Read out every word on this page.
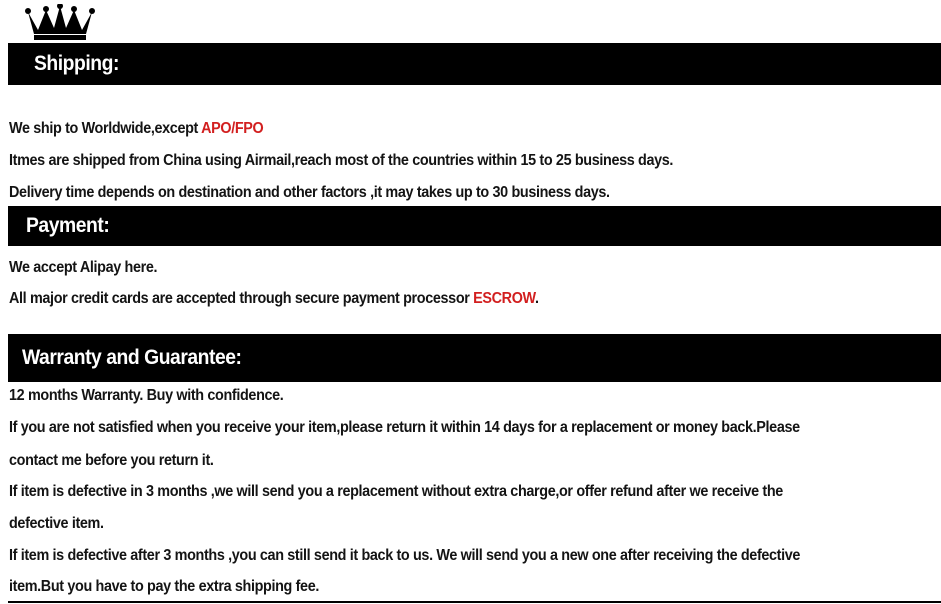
Shipping:
We ship to Worldwide,except APO/FPO
Itmes are shipped from China using Airmail,reach most of the countries within 15 to 25 business days.
Delivery time depends on destination and other factors ,it may takes up to 30 business days.
Payment:
We accept Alipay here.
All major credit cards are accepted through secure payment processor ESCROW.
Warranty and Guarantee:
12 months Warranty. Buy with confidence.
If you are not satisfied when you receive your item,please return it within 14 days for a replacement or money back.Please
contact me before you return it.
If item is defective in 3 months ,we will send you a replacement without extra charge,or offer refund after we receive the
defective item.
If item is defective after 3 months ,you can still send it back to us. We will send you a new one after receiving the defective
item.But you have to pay the extra shipping fee.
